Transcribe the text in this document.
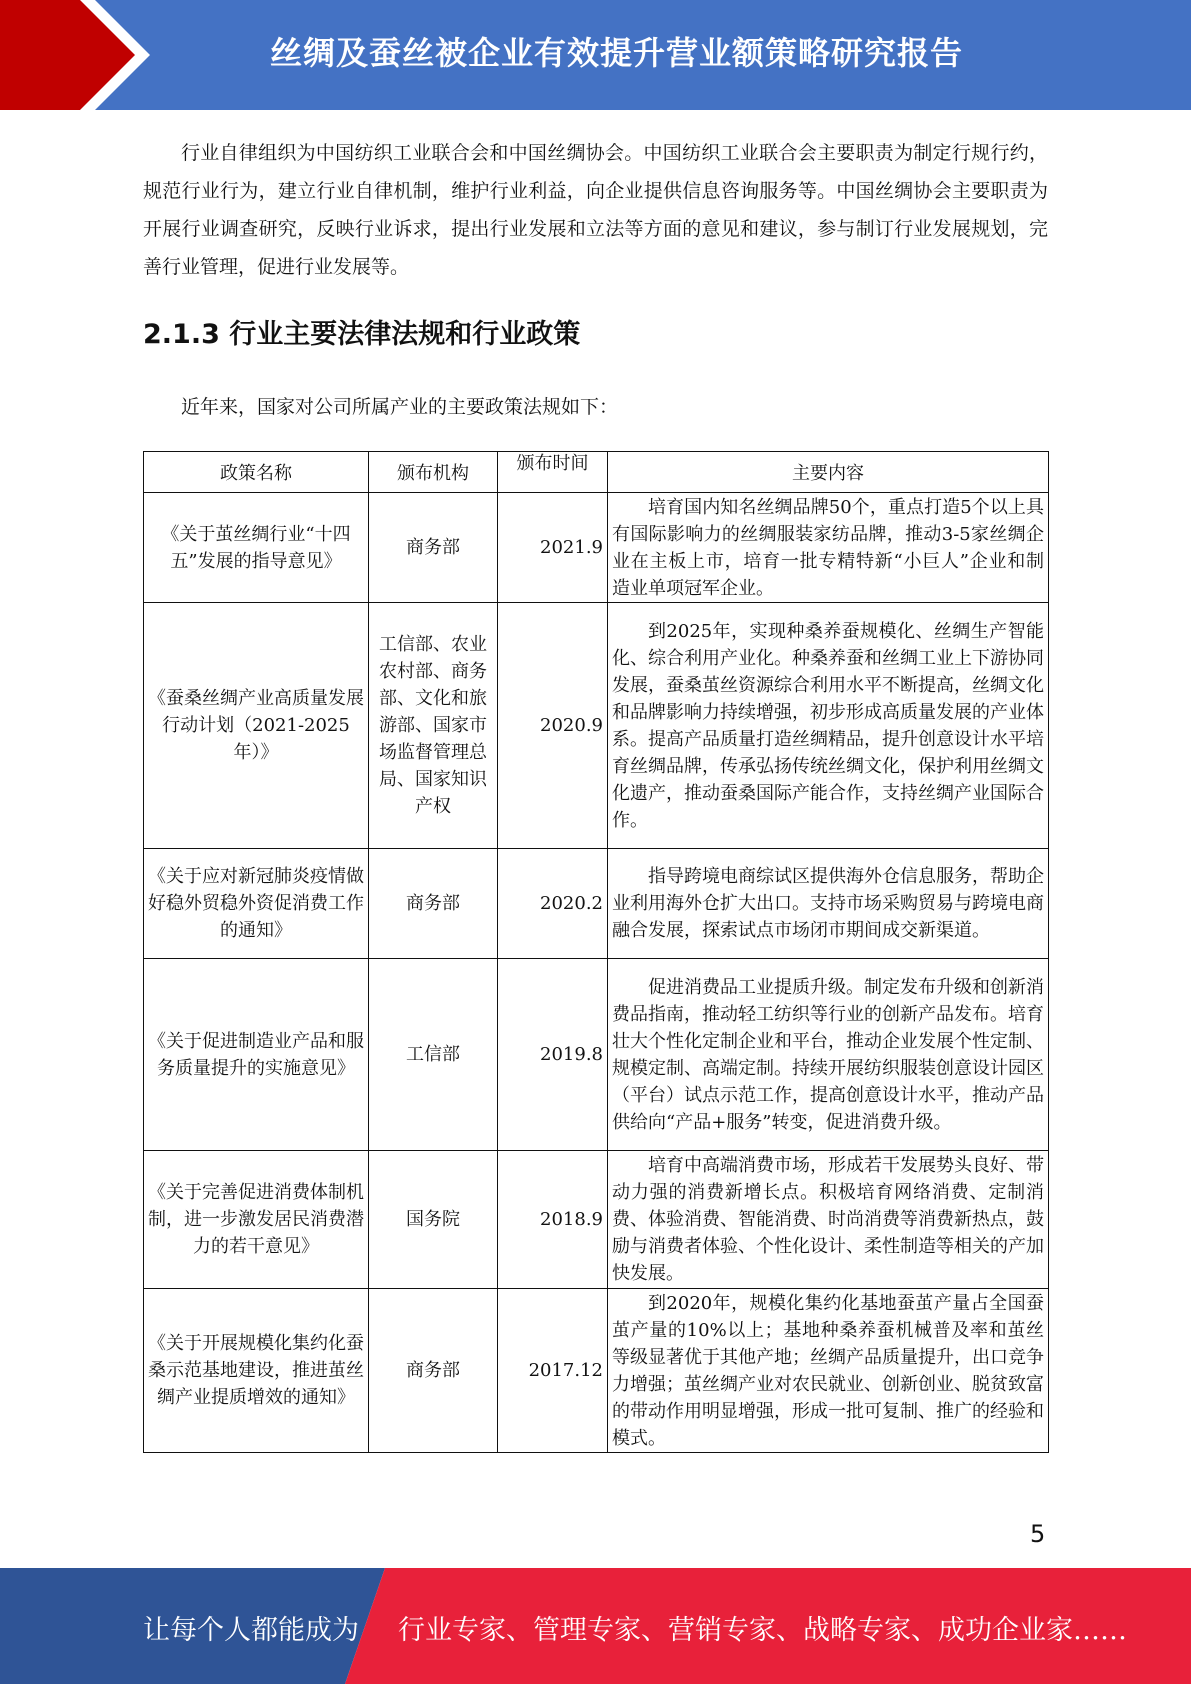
丝绸及蚕丝被企业有效提升营业额策略研究报告
行业自律组织为中国纺织工业联合会和中国丝绸协会。中国纺织工业联合会主要职责为制定行规行约，规范行业行为，建立行业自律机制，维护行业利益，向企业提供信息咨询服务等。中国丝绸协会主要职责为开展行业调查研究，反映行业诉求，提出行业发展和立法等方面的意见和建议，参与制订行业发展规划，完善行业管理，促进行业发展等。
2.1.3 行业主要法律法规和行业政策
近年来，国家对公司所属产业的主要政策法规如下：
政策名称	颁布机构	颁布时间	主要内容
《关于茧丝绸行业“十四五”发展的指导意见》	商务部	2021.9	培育国内知名丝绸品牌50个，重点打造5个以上具有国际影响力的丝绸服装家纺品牌，推动3-5家丝绸企业在主板上市，培育一批专精特新“小巨人”企业和制造业单项冠军企业。

《蚕桑丝绸产业高质量发展行动计划（2021-2025年）》	工信部、农业农村部、商务部、文化和旅游部、国家市场监督管理总局、国家知识产权	2020.9	到2025年，实现种桑养蚕规模化、丝绸生产智能化、综合利用产业化。种桑养蚕和丝绸工业上下游协同发展，蚕桑茧丝资源综合利用水平不断提高，丝绸文化和品牌影响力持续增强，初步形成高质量发展的产业体系。提高产品质量打造丝绸精品，提升创意设计水平培育丝绸品牌，传承弘扬传统丝绸文化，保护利用丝绸文化遗产，推动蚕桑国际产能合作，支持丝绸产业国际合作。

《关于应对新冠肺炎疫情做好稳外贸稳外资促消费工作的通知》	商务部	2020.2	指导跨境电商综试区提供海外仓信息服务，帮助企业利用海外仓扩大出口。支持市场采购贸易与跨境电商融合发展，探索试点市场闭市期间成交新渠道。

《关于促进制造业产品和服务质量提升的实施意见》	工信部	2019.8	促进消费品工业提质升级。制定发布升级和创新消费品指南，推动轻工纺织等行业的创新产品发布。培育壮大个性化定制企业和平台，推动企业发展个性定制、规模定制、高端定制。持续开展纺织服装创意设计园区（平台）试点示范工作，提高创意设计水平，推动产品供给向“产品+服务”转变，促进消费升级。

《关于完善促进消费体制机制，进一步激发居民消费潜力的若干意见》	国务院	2018.9	培育中高端消费市场，形成若干发展势头良好、带动力强的消费新增长点。积极培育网络消费、定制消费、体验消费、智能消费、时尚消费等消费新热点，鼓励与消费者体验、个性化设计、柔性制造等相关的产加快发展。

《关于开展规模化集约化蚕桑示范基地建设，推进茧丝绸产业提质增效的通知》	商务部	2017.12	到2020年，规模化集约化基地蚕茧产量占全国蚕茧产量的10%以上；基地种桑养蚕机械普及率和茧丝等级显著优于其他产地；丝绸产品质量提升，出口竞争力增强；茧丝绸产业对农民就业、创新创业、脱贫致富的带动作用明显增强，形成一批可复制、推广的经验和模式。
5
让每个人都能成为 行业专家、管理专家、营销专家、战略专家、成功企业家……
